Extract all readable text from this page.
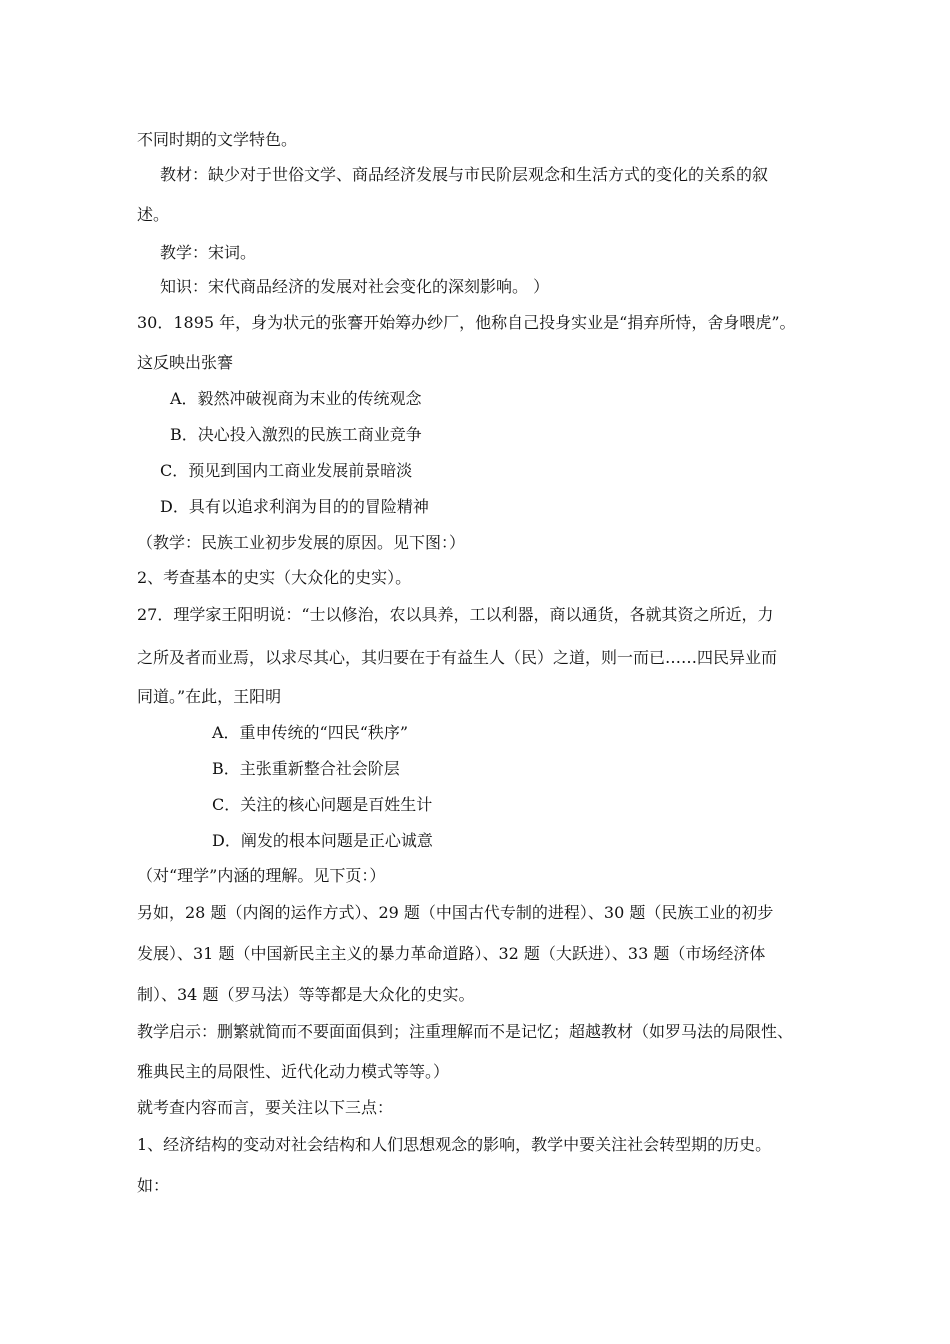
不同时期的文学特色。
教材：缺少对于世俗文学、商品经济发展与市民阶层观念和生活方式的变化的关系的叙
述。
教学：宋词。
知识：宋代商品经济的发展对社会变化的深刻影响。 ）
30．1895 年，身为状元的张謇开始筹办纱厂，他称自己投身实业是“捐弃所恃，舍身喂虎”。
这反映出张謇
A．毅然冲破视商为末业的传统观念
B．决心投入激烈的民族工商业竞争
C．预见到国内工商业发展前景暗淡
D．具有以追求利润为目的的冒险精神
（教学：民族工业初步发展的原因。见下图：）
2、考查基本的史实（大众化的史实）。
27．理学家王阳明说：“士以修治，农以具养，工以利器，商以通货，各就其资之所近，力
之所及者而业焉，以求尽其心，其归要在于有益生人（民）之道，则一而已……四民异业而
同道。”在此，王阳明
A．重申传统的“四民“秩序”
B．主张重新整合社会阶层
C．关注的核心问题是百姓生计
D．阐发的根本问题是正心诚意
（对“理学”内涵的理解。见下页：）
另如，28 题（内阁的运作方式）、29 题（中国古代专制的进程）、30 题（民族工业的初步
发展）、31 题（中国新民主主义的暴力革命道路）、32 题（大跃进）、33 题（市场经济体
制）、34 题（罗马法）等等都是大众化的史实。
教学启示：删繁就简而不要面面俱到；注重理解而不是记忆；超越教材（如罗马法的局限性、
雅典民主的局限性、近代化动力模式等等。）
就考查内容而言，要关注以下三点：
1、经济结构的变动对社会结构和人们思想观念的影响，教学中要关注社会转型期的历史。
如：
